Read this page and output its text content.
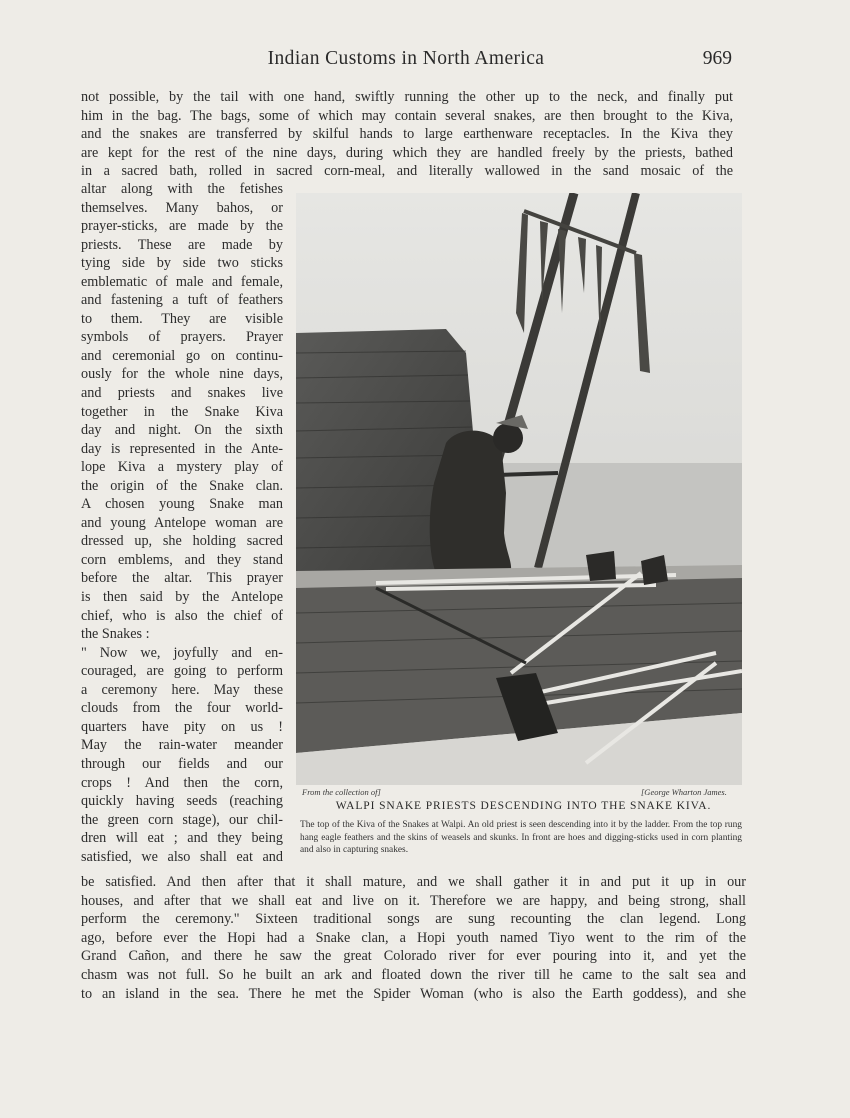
Indian Customs in North America	969
not possible, by the tail with one hand, swiftly running the other up to the neck, and finally put
him in the bag. The bags, some of which may contain several snakes, are then brought to the Kiva,
and the snakes are transferred by skilful hands to large earthenware receptacles. In the Kiva they
are kept for the rest of the nine days, during which they are handled freely by the priests, bathed
in a sacred bath, rolled in sacred corn-meal, and literally wallowed in the sand mosaic of the
altar along with the fetishes
themselves. Many bahos, or
prayer-sticks, are made by the
priests. These are made by
tying side by side two sticks
emblematic of male and female,
and fastening a tuft of feathers
to them. They are visible
symbols of prayers. Prayer
and ceremonial go on continu-
ously for the whole nine days,
and priests and snakes live
together in the Snake Kiva
day and night. On the sixth
day is represented in the Ante-
lope Kiva a mystery play of
the origin of the Snake clan.
A chosen young Snake man
and young Antelope woman are
dressed up, she holding sacred
corn emblems, and they stand
before the altar. This prayer
is then said by the Antelope
chief, who is also the chief of
the Snakes :
" Now we, joyfully and en-
couraged, are going to perform
a ceremony here. May these
clouds from the four world-
quarters have pity on us !
May the rain-water meander
through our fields and our
crops ! And then the corn,
quickly having seeds (reaching
the green corn stage), our chil-
dren will eat ; and they being
satisfied, we also shall eat and
From the collection of]	[George Wharton James.
WALPI SNAKE PRIESTS DESCENDING INTO THE SNAKE KIVA.
The top of the Kiva of the Snakes at Walpi. An old priest is seen descending into it by the ladder. From the top rung hang eagle feathers and the skins of weasels and skunks. In front are hoes and digging-sticks used in corn planting and also in capturing snakes.
be satisfied. And then after that it shall mature, and we shall gather it in and put it up in our
houses, and after that we shall eat and live on it. Therefore we are happy, and being strong, shall
perform the ceremony." Sixteen traditional songs are sung recounting the clan legend. Long
ago, before ever the Hopi had a Snake clan, a Hopi youth named Tiyo went to the rim of the
Grand Cañon, and there he saw the great Colorado river for ever pouring into it, and yet the
chasm was not full. So he built an ark and floated down the river till he came to the salt sea and
to an island in the sea. There he met the Spider Woman (who is also the Earth goddess), and she
